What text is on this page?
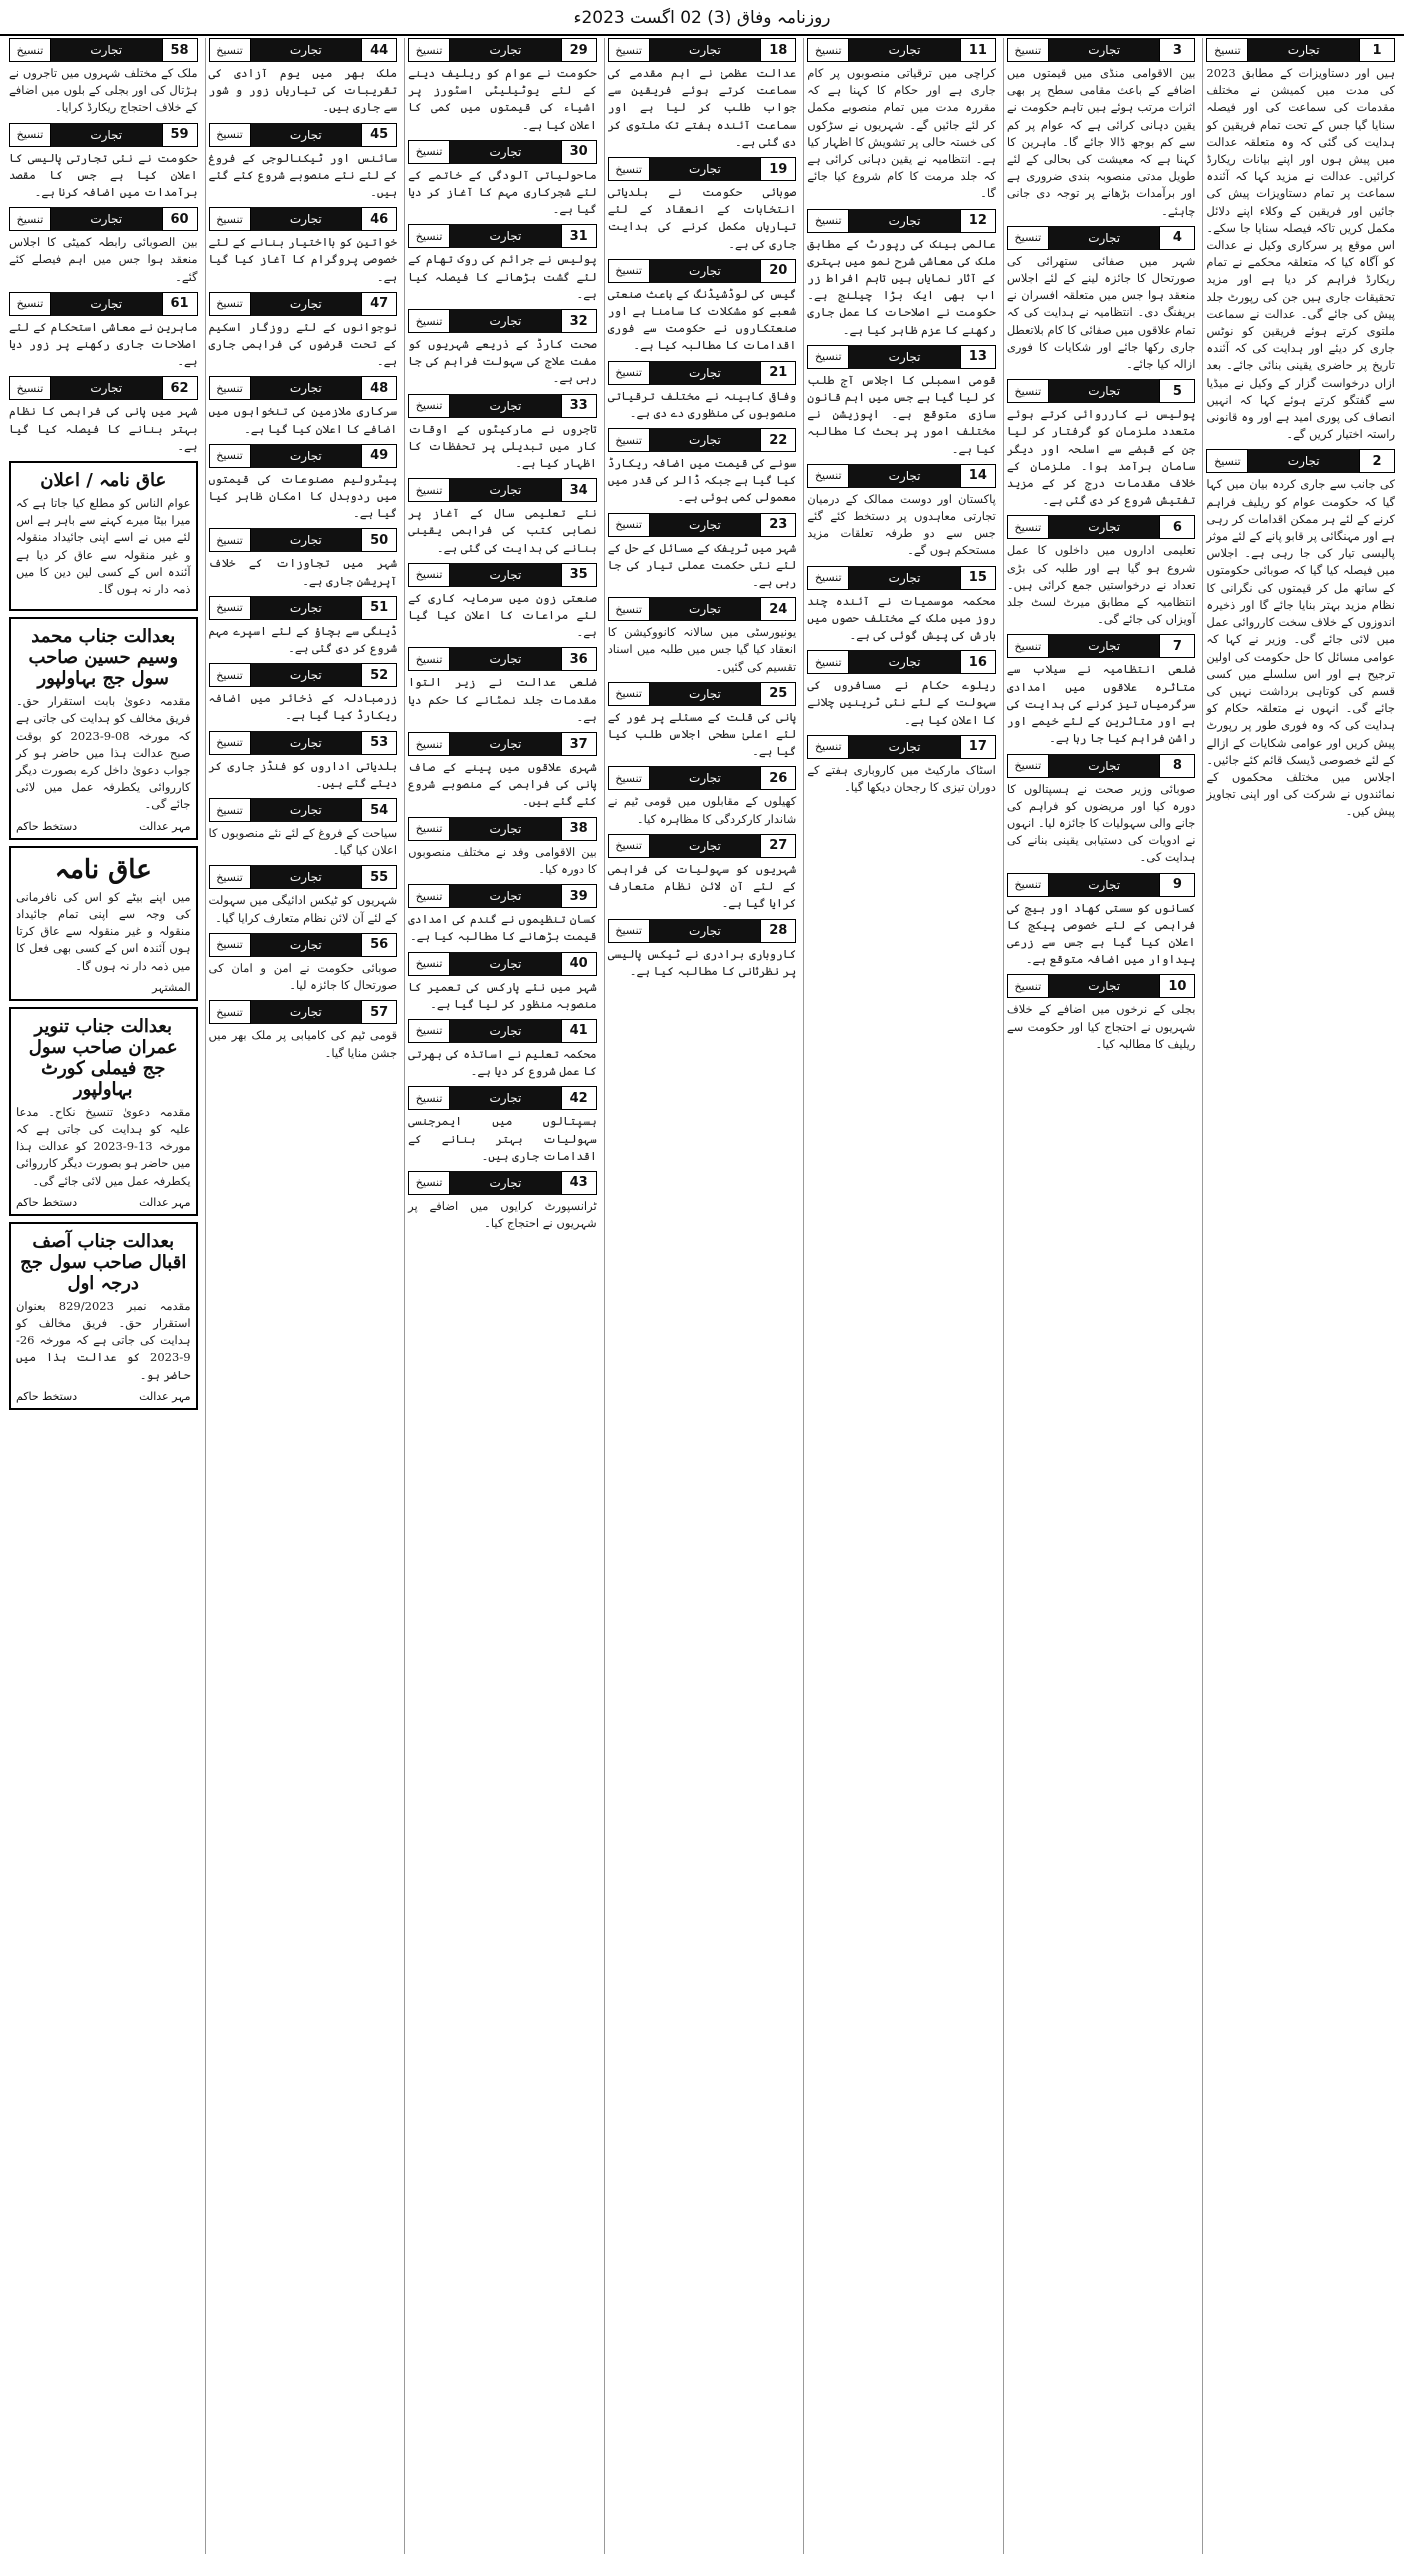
روزنامہ وفاق (3) 02 اگست 2023ء
1
تجارت
تنسیخ
ہیں اور دستاویزات کے مطابق 2023 کی مدت میں کمیشن نے مختلف مقدمات کی سماعت کی اور فیصلہ سنایا گیا جس کے تحت تمام فریقین کو ہدایت کی گئی کہ وہ متعلقہ عدالت میں پیش ہوں اور اپنے بیانات ریکارڈ کرائیں۔ عدالت نے مزید کہا کہ آئندہ سماعت پر تمام دستاویزات پیش کی جائیں اور فریقین کے وکلاء اپنے دلائل مکمل کریں تاکہ فیصلہ سنایا جا سکے۔ اس موقع پر سرکاری وکیل نے عدالت کو آگاہ کیا کہ متعلقہ محکمے نے تمام ریکارڈ فراہم کر دیا ہے اور مزید تحقیقات جاری ہیں جن کی رپورٹ جلد پیش کی جائے گی۔ عدالت نے سماعت ملتوی کرتے ہوئے فریقین کو نوٹس جاری کر دیئے اور ہدایت کی کہ آئندہ تاریخ پر حاضری یقینی بنائی جائے۔ بعد ازاں درخواست گزار کے وکیل نے میڈیا سے گفتگو کرتے ہوئے کہا کہ انہیں انصاف کی پوری امید ہے اور وہ قانونی راستہ اختیار کریں گے۔
2
تجارت
تنسیخ
کی جانب سے جاری کردہ بیان میں کہا گیا کہ حکومت عوام کو ریلیف فراہم کرنے کے لئے ہر ممکن اقدامات کر رہی ہے اور مہنگائی پر قابو پانے کے لئے موثر پالیسی تیار کی جا رہی ہے۔ اجلاس میں فیصلہ کیا گیا کہ صوبائی حکومتوں کے ساتھ مل کر قیمتوں کی نگرانی کا نظام مزید بہتر بنایا جائے گا اور ذخیرہ اندوزوں کے خلاف سخت کارروائی عمل میں لائی جائے گی۔ وزیر نے کہا کہ عوامی مسائل کا حل حکومت کی اولین ترجیح ہے اور اس سلسلے میں کسی قسم کی کوتاہی برداشت نہیں کی جائے گی۔ انہوں نے متعلقہ حکام کو ہدایت کی کہ وہ فوری طور پر رپورٹ پیش کریں اور عوامی شکایات کے ازالے کے لئے خصوصی ڈیسک قائم کئے جائیں۔ اجلاس میں مختلف محکموں کے نمائندوں نے شرکت کی اور اپنی تجاویز پیش کیں۔
3
تجارت
تنسیخ
بین الاقوامی منڈی میں قیمتوں میں اضافے کے باعث مقامی سطح پر بھی اثرات مرتب ہوئے ہیں تاہم حکومت نے یقین دہانی کرائی ہے کہ عوام پر کم سے کم بوجھ ڈالا جائے گا۔ ماہرین کا کہنا ہے کہ معیشت کی بحالی کے لئے طویل مدتی منصوبہ بندی ضروری ہے اور برآمدات بڑھانے پر توجہ دی جانی چاہئے۔
4
تجارت
تنسیخ
شہر میں صفائی ستھرائی کی صورتحال کا جائزہ لینے کے لئے اجلاس منعقد ہوا جس میں متعلقہ افسران نے بریفنگ دی۔ انتظامیہ نے ہدایت کی کہ تمام علاقوں میں صفائی کا کام بلاتعطل جاری رکھا جائے اور شکایات کا فوری ازالہ کیا جائے۔
5
تجارت
تنسیخ
پولیس نے کارروائی کرتے ہوئے متعدد ملزمان کو گرفتار کر لیا جن کے قبضے سے اسلحہ اور دیگر سامان برآمد ہوا۔ ملزمان کے خلاف مقدمات درج کر کے مزید تفتیش شروع کر دی گئی ہے۔
6
تجارت
تنسیخ
تعلیمی اداروں میں داخلوں کا عمل شروع ہو گیا ہے اور طلبہ کی بڑی تعداد نے درخواستیں جمع کرائی ہیں۔ انتظامیہ کے مطابق میرٹ لسٹ جلد آویزاں کی جائے گی۔
7
تجارت
تنسیخ
ضلعی انتظامیہ نے سیلاب سے متاثرہ علاقوں میں امدادی سرگرمیاں تیز کرنے کی ہدایت کی ہے اور متاثرین کے لئے خیمے اور راشن فراہم کیا جا رہا ہے۔
8
تجارت
تنسیخ
صوبائی وزیر صحت نے ہسپتالوں کا دورہ کیا اور مریضوں کو فراہم کی جانے والی سہولیات کا جائزہ لیا۔ انہوں نے ادویات کی دستیابی یقینی بنانے کی ہدایت کی۔
9
تجارت
تنسیخ
کسانوں کو سستی کھاد اور بیج کی فراہمی کے لئے خصوصی پیکج کا اعلان کیا گیا ہے جس سے زرعی پیداوار میں اضافہ متوقع ہے۔
10
تجارت
تنسیخ
بجلی کے نرخوں میں اضافے کے خلاف شہریوں نے احتجاج کیا اور حکومت سے ریلیف کا مطالبہ کیا۔
11
تجارت
تنسیخ
کراچی میں ترقیاتی منصوبوں پر کام جاری ہے اور حکام کا کہنا ہے کہ مقررہ مدت میں تمام منصوبے مکمل کر لئے جائیں گے۔ شہریوں نے سڑکوں کی خستہ حالی پر تشویش کا اظہار کیا ہے۔ انتظامیہ نے یقین دہانی کرائی ہے کہ جلد مرمت کا کام شروع کیا جائے گا۔
12
تجارت
تنسیخ
عالمی بینک کی رپورٹ کے مطابق ملک کی معاشی شرح نمو میں بہتری کے آثار نمایاں ہیں تاہم افراط زر اب بھی ایک بڑا چیلنج ہے۔ حکومت نے اصلاحات کا عمل جاری رکھنے کا عزم ظاہر کیا ہے۔
13
تجارت
تنسیخ
قومی اسمبلی کا اجلاس آج طلب کر لیا گیا ہے جس میں اہم قانون سازی متوقع ہے۔ اپوزیشن نے مختلف امور پر بحث کا مطالبہ کیا ہے۔
14
تجارت
تنسیخ
پاکستان اور دوست ممالک کے درمیان تجارتی معاہدوں پر دستخط کئے گئے جس سے دو طرفہ تعلقات مزید مستحکم ہوں گے۔
15
تجارت
تنسیخ
محکمہ موسمیات نے آئندہ چند روز میں ملک کے مختلف حصوں میں بارش کی پیش گوئی کی ہے۔
16
تجارت
تنسیخ
ریلوے حکام نے مسافروں کی سہولت کے لئے نئی ٹرینیں چلانے کا اعلان کیا ہے۔
17
تجارت
تنسیخ
اسٹاک مارکیٹ میں کاروباری ہفتے کے دوران تیزی کا رجحان دیکھا گیا۔
18
تجارت
تنسیخ
عدالت عظمیٰ نے اہم مقدمے کی سماعت کرتے ہوئے فریقین سے جواب طلب کر لیا ہے اور سماعت آئندہ ہفتے تک ملتوی کر دی گئی ہے۔
19
تجارت
تنسیخ
صوبائی حکومت نے بلدیاتی انتخابات کے انعقاد کے لئے تیاریاں مکمل کرنے کی ہدایت جاری کی ہے۔
20
تجارت
تنسیخ
گیس کی لوڈشیڈنگ کے باعث صنعتی شعبے کو مشکلات کا سامنا ہے اور صنعتکاروں نے حکومت سے فوری اقدامات کا مطالبہ کیا ہے۔
21
تجارت
تنسیخ
وفاقی کابینہ نے مختلف ترقیاتی منصوبوں کی منظوری دے دی ہے۔
22
تجارت
تنسیخ
سونے کی قیمت میں اضافہ ریکارڈ کیا گیا ہے جبکہ ڈالر کی قدر میں معمولی کمی ہوئی ہے۔
23
تجارت
تنسیخ
شہر میں ٹریفک کے مسائل کے حل کے لئے نئی حکمت عملی تیار کی جا رہی ہے۔
24
تجارت
تنسیخ
یونیورسٹی میں سالانہ کانووکیشن کا انعقاد کیا گیا جس میں طلبہ میں اسناد تقسیم کی گئیں۔
25
تجارت
تنسیخ
پانی کی قلت کے مسئلے پر غور کے لئے اعلیٰ سطحی اجلاس طلب کیا گیا ہے۔
26
تجارت
تنسیخ
کھیلوں کے مقابلوں میں قومی ٹیم نے شاندار کارکردگی کا مظاہرہ کیا۔
27
تجارت
تنسیخ
شہریوں کو سہولیات کی فراہمی کے لئے آن لائن نظام متعارف کرایا گیا ہے۔
28
تجارت
تنسیخ
کاروباری برادری نے ٹیکس پالیسی پر نظرثانی کا مطالبہ کیا ہے۔
29
تجارت
تنسیخ
حکومت نے عوام کو ریلیف دینے کے لئے یوٹیلیٹی اسٹورز پر اشیاء کی قیمتوں میں کمی کا اعلان کیا ہے۔
30
تجارت
تنسیخ
ماحولیاتی آلودگی کے خاتمے کے لئے شجرکاری مہم کا آغاز کر دیا گیا ہے۔
31
تجارت
تنسیخ
پولیس نے جرائم کی روک تھام کے لئے گشت بڑھانے کا فیصلہ کیا ہے۔
32
تجارت
تنسیخ
صحت کارڈ کے ذریعے شہریوں کو مفت علاج کی سہولت فراہم کی جا رہی ہے۔
33
تجارت
تنسیخ
تاجروں نے مارکیٹوں کے اوقات کار میں تبدیلی پر تحفظات کا اظہار کیا ہے۔
34
تجارت
تنسیخ
نئے تعلیمی سال کے آغاز پر نصابی کتب کی فراہمی یقینی بنانے کی ہدایت کی گئی ہے۔
35
تجارت
تنسیخ
صنعتی زون میں سرمایہ کاری کے لئے مراعات کا اعلان کیا گیا ہے۔
36
تجارت
تنسیخ
ضلعی عدالت نے زیر التوا مقدمات جلد نمٹانے کا حکم دیا ہے۔
37
تجارت
تنسیخ
شہری علاقوں میں پینے کے صاف پانی کی فراہمی کے منصوبے شروع کئے گئے ہیں۔
38
تجارت
تنسیخ
بین الاقوامی وفد نے مختلف منصوبوں کا دورہ کیا۔
39
تجارت
تنسیخ
کسان تنظیموں نے گندم کی امدادی قیمت بڑھانے کا مطالبہ کیا ہے۔
40
تجارت
تنسیخ
شہر میں نئے پارکس کی تعمیر کا منصوبہ منظور کر لیا گیا ہے۔
41
تجارت
تنسیخ
محکمہ تعلیم نے اساتذہ کی بھرتی کا عمل شروع کر دیا ہے۔
42
تجارت
تنسیخ
ہسپتالوں میں ایمرجنسی سہولیات بہتر بنانے کے اقدامات جاری ہیں۔
43
تجارت
تنسیخ
ٹرانسپورٹ کرایوں میں اضافے پر شہریوں نے احتجاج کیا۔
44
تجارت
تنسیخ
ملک بھر میں یوم آزادی کی تقریبات کی تیاریاں زور و شور سے جاری ہیں۔
45
تجارت
تنسیخ
سائنس اور ٹیکنالوجی کے فروغ کے لئے نئے منصوبے شروع کئے گئے ہیں۔
46
تجارت
تنسیخ
خواتین کو بااختیار بنانے کے لئے خصوصی پروگرام کا آغاز کیا گیا ہے۔
47
تجارت
تنسیخ
نوجوانوں کے لئے روزگار اسکیم کے تحت قرضوں کی فراہمی جاری ہے۔
48
تجارت
تنسیخ
سرکاری ملازمین کی تنخواہوں میں اضافے کا اعلان کیا گیا ہے۔
49
تجارت
تنسیخ
پیٹرولیم مصنوعات کی قیمتوں میں ردوبدل کا امکان ظاہر کیا گیا ہے۔
50
تجارت
تنسیخ
شہر میں تجاوزات کے خلاف آپریشن جاری ہے۔
51
تجارت
تنسیخ
ڈینگی سے بچاؤ کے لئے اسپرے مہم شروع کر دی گئی ہے۔
52
تجارت
تنسیخ
زرمبادلہ کے ذخائر میں اضافہ ریکارڈ کیا گیا ہے۔
53
تجارت
تنسیخ
بلدیاتی اداروں کو فنڈز جاری کر دیئے گئے ہیں۔
54
تجارت
تنسیخ
سیاحت کے فروغ کے لئے نئے منصوبوں کا اعلان کیا گیا۔
55
تجارت
تنسیخ
شہریوں کو ٹیکس ادائیگی میں سہولت کے لئے آن لائن نظام متعارف کرایا گیا۔
56
تجارت
تنسیخ
صوبائی حکومت نے امن و امان کی صورتحال کا جائزہ لیا۔
57
تجارت
تنسیخ
قومی ٹیم کی کامیابی پر ملک بھر میں جشن منایا گیا۔
58
تجارت
تنسیخ
ملک کے مختلف شہروں میں تاجروں نے ہڑتال کی اور بجلی کے بلوں میں اضافے کے خلاف احتجاج ریکارڈ کرایا۔
59
تجارت
تنسیخ
حکومت نے نئی تجارتی پالیسی کا اعلان کیا ہے جس کا مقصد برآمدات میں اضافہ کرنا ہے۔
60
تجارت
تنسیخ
بین الصوبائی رابطہ کمیٹی کا اجلاس منعقد ہوا جس میں اہم فیصلے کئے گئے۔
61
تجارت
تنسیخ
ماہرین نے معاشی استحکام کے لئے اصلاحات جاری رکھنے پر زور دیا ہے۔
62
تجارت
تنسیخ
شہر میں پانی کی فراہمی کا نظام بہتر بنانے کا فیصلہ کیا گیا ہے۔
عاق نامہ / اعلان
عوام الناس کو مطلع کیا جاتا ہے کہ میرا بیٹا میرے کہنے سے باہر ہے اس لئے میں نے اسے اپنی جائیداد منقولہ و غیر منقولہ سے عاق کر دیا ہے آئندہ اس کے کسی لین دین کا میں ذمہ دار نہ ہوں گا۔
بعدالت جناب محمد وسیم حسین صاحب سول جج بہاولپور
مقدمہ دعویٰ بابت استقرار حق۔ فریق مخالف کو ہدایت کی جاتی ہے کہ مورخہ 08-9-2023 کو بوقت صبح عدالت ہذا میں حاضر ہو کر جواب دعویٰ داخل کرے بصورت دیگر کارروائی یکطرفہ عمل میں لائی جائے گی۔
مہر عدالت
دستخط حاکم
عاق نامہ
میں اپنے بیٹے کو اس کی نافرمانی کی وجہ سے اپنی تمام جائیداد منقولہ و غیر منقولہ سے عاق کرتا ہوں آئندہ اس کے کسی بھی فعل کا میں ذمہ دار نہ ہوں گا۔
المشتہر
بعدالت جناب تنویر عمران صاحب سول جج فیملی کورٹ بہاولپور
مقدمہ دعویٰ تنسیخ نکاح۔ مدعا علیہ کو ہدایت کی جاتی ہے کہ مورخہ 13-9-2023 کو عدالت ہذا میں حاضر ہو بصورت دیگر کارروائی یکطرفہ عمل میں لائی جائے گی۔
مہر عدالت
دستخط حاکم
بعدالت جناب آصف اقبال صاحب سول جج درجہ اول
مقدمہ نمبر 829/2023 بعنوان استقرار حق۔ فریق مخالف کو ہدایت کی جاتی ہے کہ مورخہ 26-9-2023 کو عدالت ہذا میں حاضر ہو۔
مہر عدالت
دستخط حاکم
